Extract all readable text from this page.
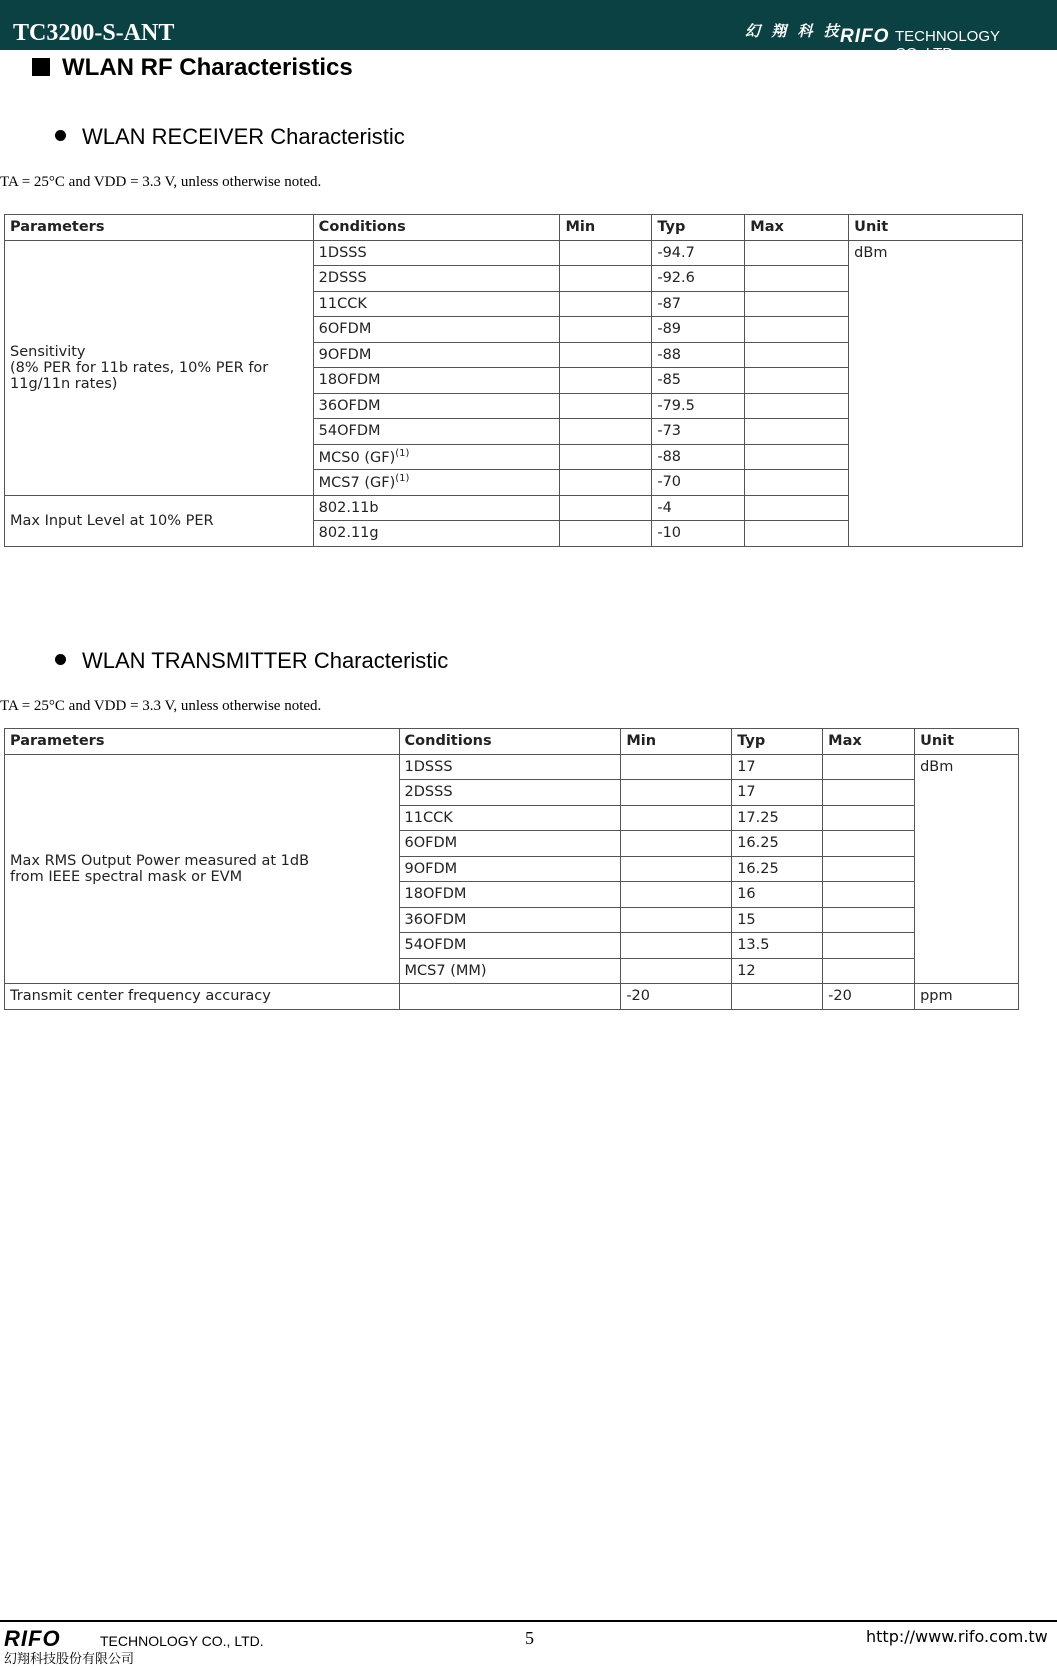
TC3200-S-ANT	幻 翔 科 技
RIFO TECHNOLOGY CO.,LTD
WLAN RF Characteristics
WLAN RECEIVER Characteristic
TA = 25°C and VDD = 3.3 V, unless otherwise noted.
Parameters	Conditions	Min	Typ	Max	Unit

Sensitivity
(8% PER for 11b rates, 10% PER for
11g/11n rates)	1DSSS		-94.7		dBm
	2DSSS		-92.6		
	11CCK		-87		
	6OFDM		-89		
	9OFDM		-88		
	18OFDM		-85		
	36OFDM		-79.5		
	54OFDM		-73		
	MCS0 (GF)$^{(1)}$		-88		
	MCS7 (GF)$^{(1)}$		-70		

Max Input Level at 10% PER	802.11b		-4		
	802.11g		-10		
WLAN TRANSMITTER Characteristic
TA = 25°C and VDD = 3.3 V, unless otherwise noted.
Parameters	Conditions	Min	Typ	Max	Unit

Max RMS Output Power measured at 1dB
from IEEE spectral mask or EVM	1DSSS		17		dBm
	2DSSS		17		
	11CCK		17.25		
	6OFDM		16.25		
	9OFDM		16.25		
	18OFDM		16		
	36OFDM		15		
	54OFDM		13.5		
	MCS7 (MM)		12		
Transmit center frequency accuracy		-20		-20	ppm
RIFO	TECHNOLOGY CO., LTD.
幻翔科技股份有限公司
5	http://www.rifo.com.tw
